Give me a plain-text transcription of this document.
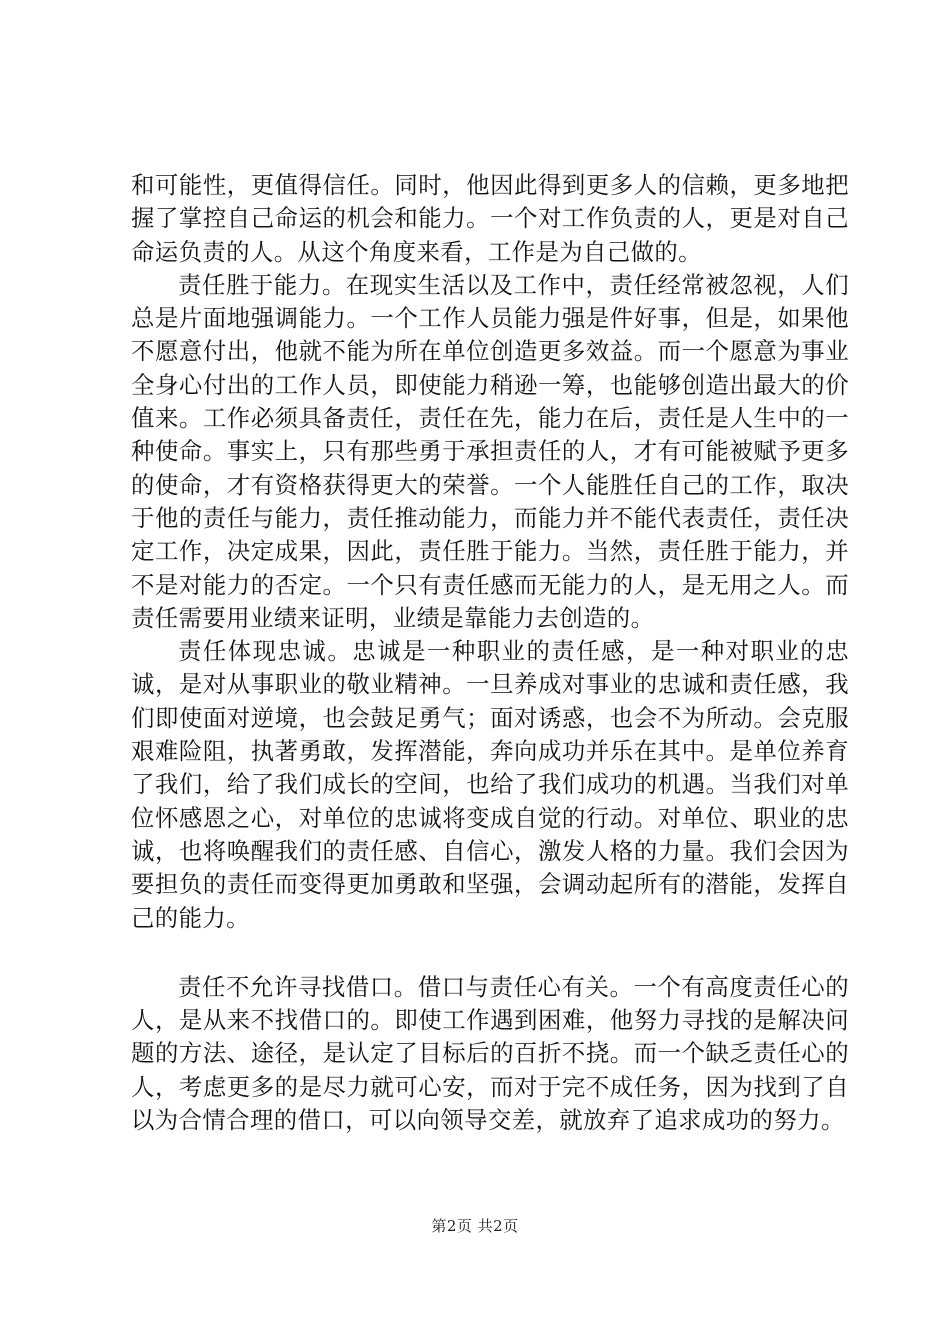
和可能性，更值得信任。同时，他因此得到更多人的信赖，更多地把握了掌控自己命运的机会和能力。一个对工作负责的人，更是对自己命运负责的人。从这个角度来看，工作是为自己做的。

责任胜于能力。在现实生活以及工作中，责任经常被忽视，人们总是片面地强调能力。一个工作人员能力强是件好事，但是，如果他不愿意付出，他就不能为所在单位创造更多效益。而一个愿意为事业全身心付出的工作人员，即使能力稍逊一筹，也能够创造出最大的价值来。工作必须具备责任，责任在先，能力在后，责任是人生中的一种使命。事实上，只有那些勇于承担责任的人，才有可能被赋予更多的使命，才有资格获得更大的荣誉。一个人能胜任自己的工作，取决于他的责任与能力，责任推动能力，而能力并不能代表责任，责任决定工作，决定成果，因此，责任胜于能力。当然，责任胜于能力，并不是对能力的否定。一个只有责任感而无能力的人，是无用之人。而责任需要用业绩来证明，业绩是靠能力去创造的。

责任体现忠诚。忠诚是一种职业的责任感，是一种对职业的忠诚，是对从事职业的敬业精神。一旦养成对事业的忠诚和责任感，我们即使面对逆境，也会鼓足勇气；面对诱惑，也会不为所动。会克服艰难险阻，执著勇敢，发挥潜能，奔向成功并乐在其中。是单位养育了我们，给了我们成长的空间，也给了我们成功的机遇。当我们对单位怀感恩之心，对单位的忠诚将变成自觉的行动。对单位、职业的忠诚，也将唤醒我们的责任感、自信心，激发人格的力量。我们会因为要担负的责任而变得更加勇敢和坚强，会调动起所有的潜能，发挥自己的能力。

责任不允许寻找借口。借口与责任心有关。一个有高度责任心的人，是从来不找借口的。即使工作遇到困难，他努力寻找的是解决问题的方法、途径，是认定了目标后的百折不挠。而一个缺乏责任心的人，考虑更多的是尽力就可心安，而对于完不成任务，因为找到了自以为合情合理的借口，可以向领导交差，就放弃了追求成功的努力。

第2页 共2页
